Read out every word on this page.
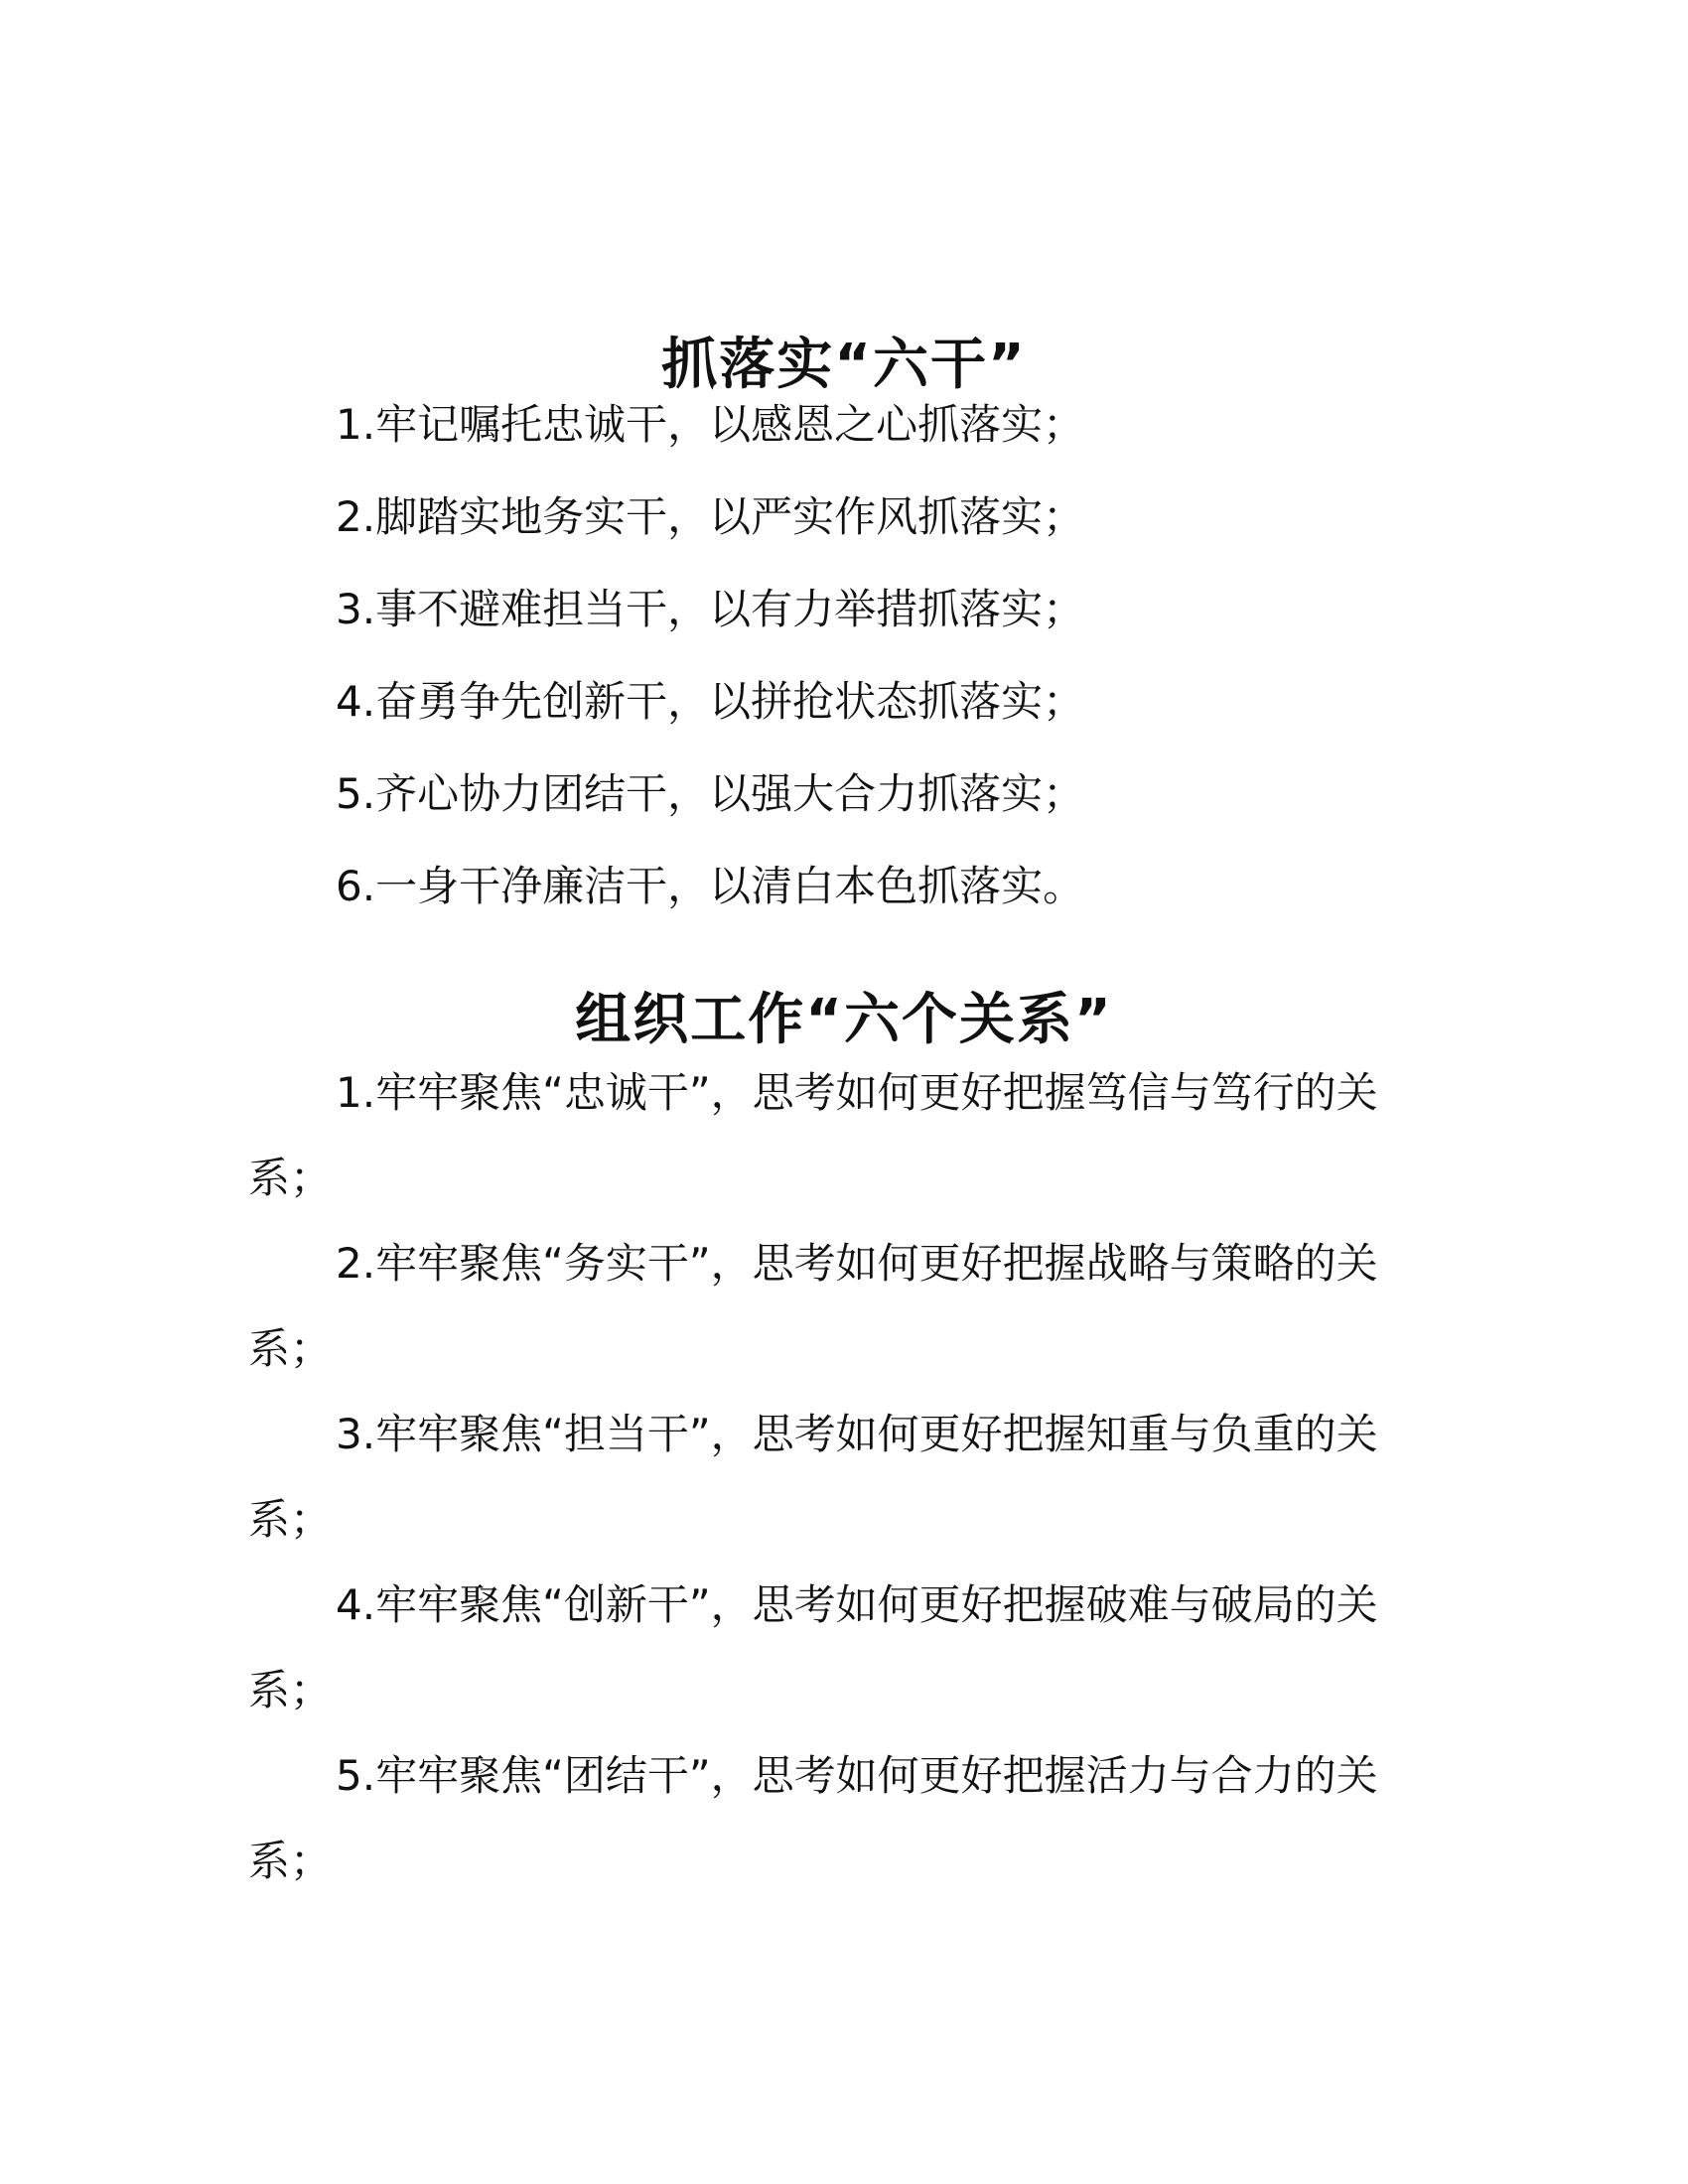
抓落实“六干”
1.牢记嘱托忠诚干，以感恩之心抓落实；
2.脚踏实地务实干，以严实作风抓落实；
3.事不避难担当干，以有力举措抓落实；
4.奋勇争先创新干，以拼抢状态抓落实；
5.齐心协力团结干，以强大合力抓落实；
6.一身干净廉洁干，以清白本色抓落实。
组织工作“六个关系”
1.牢牢聚焦“忠诚干”，思考如何更好把握笃信与笃行的关系；
2.牢牢聚焦“务实干”，思考如何更好把握战略与策略的关系；
3.牢牢聚焦“担当干”，思考如何更好把握知重与负重的关系；
4.牢牢聚焦“创新干”，思考如何更好把握破难与破局的关系；
5.牢牢聚焦“团结干”，思考如何更好把握活力与合力的关系；
